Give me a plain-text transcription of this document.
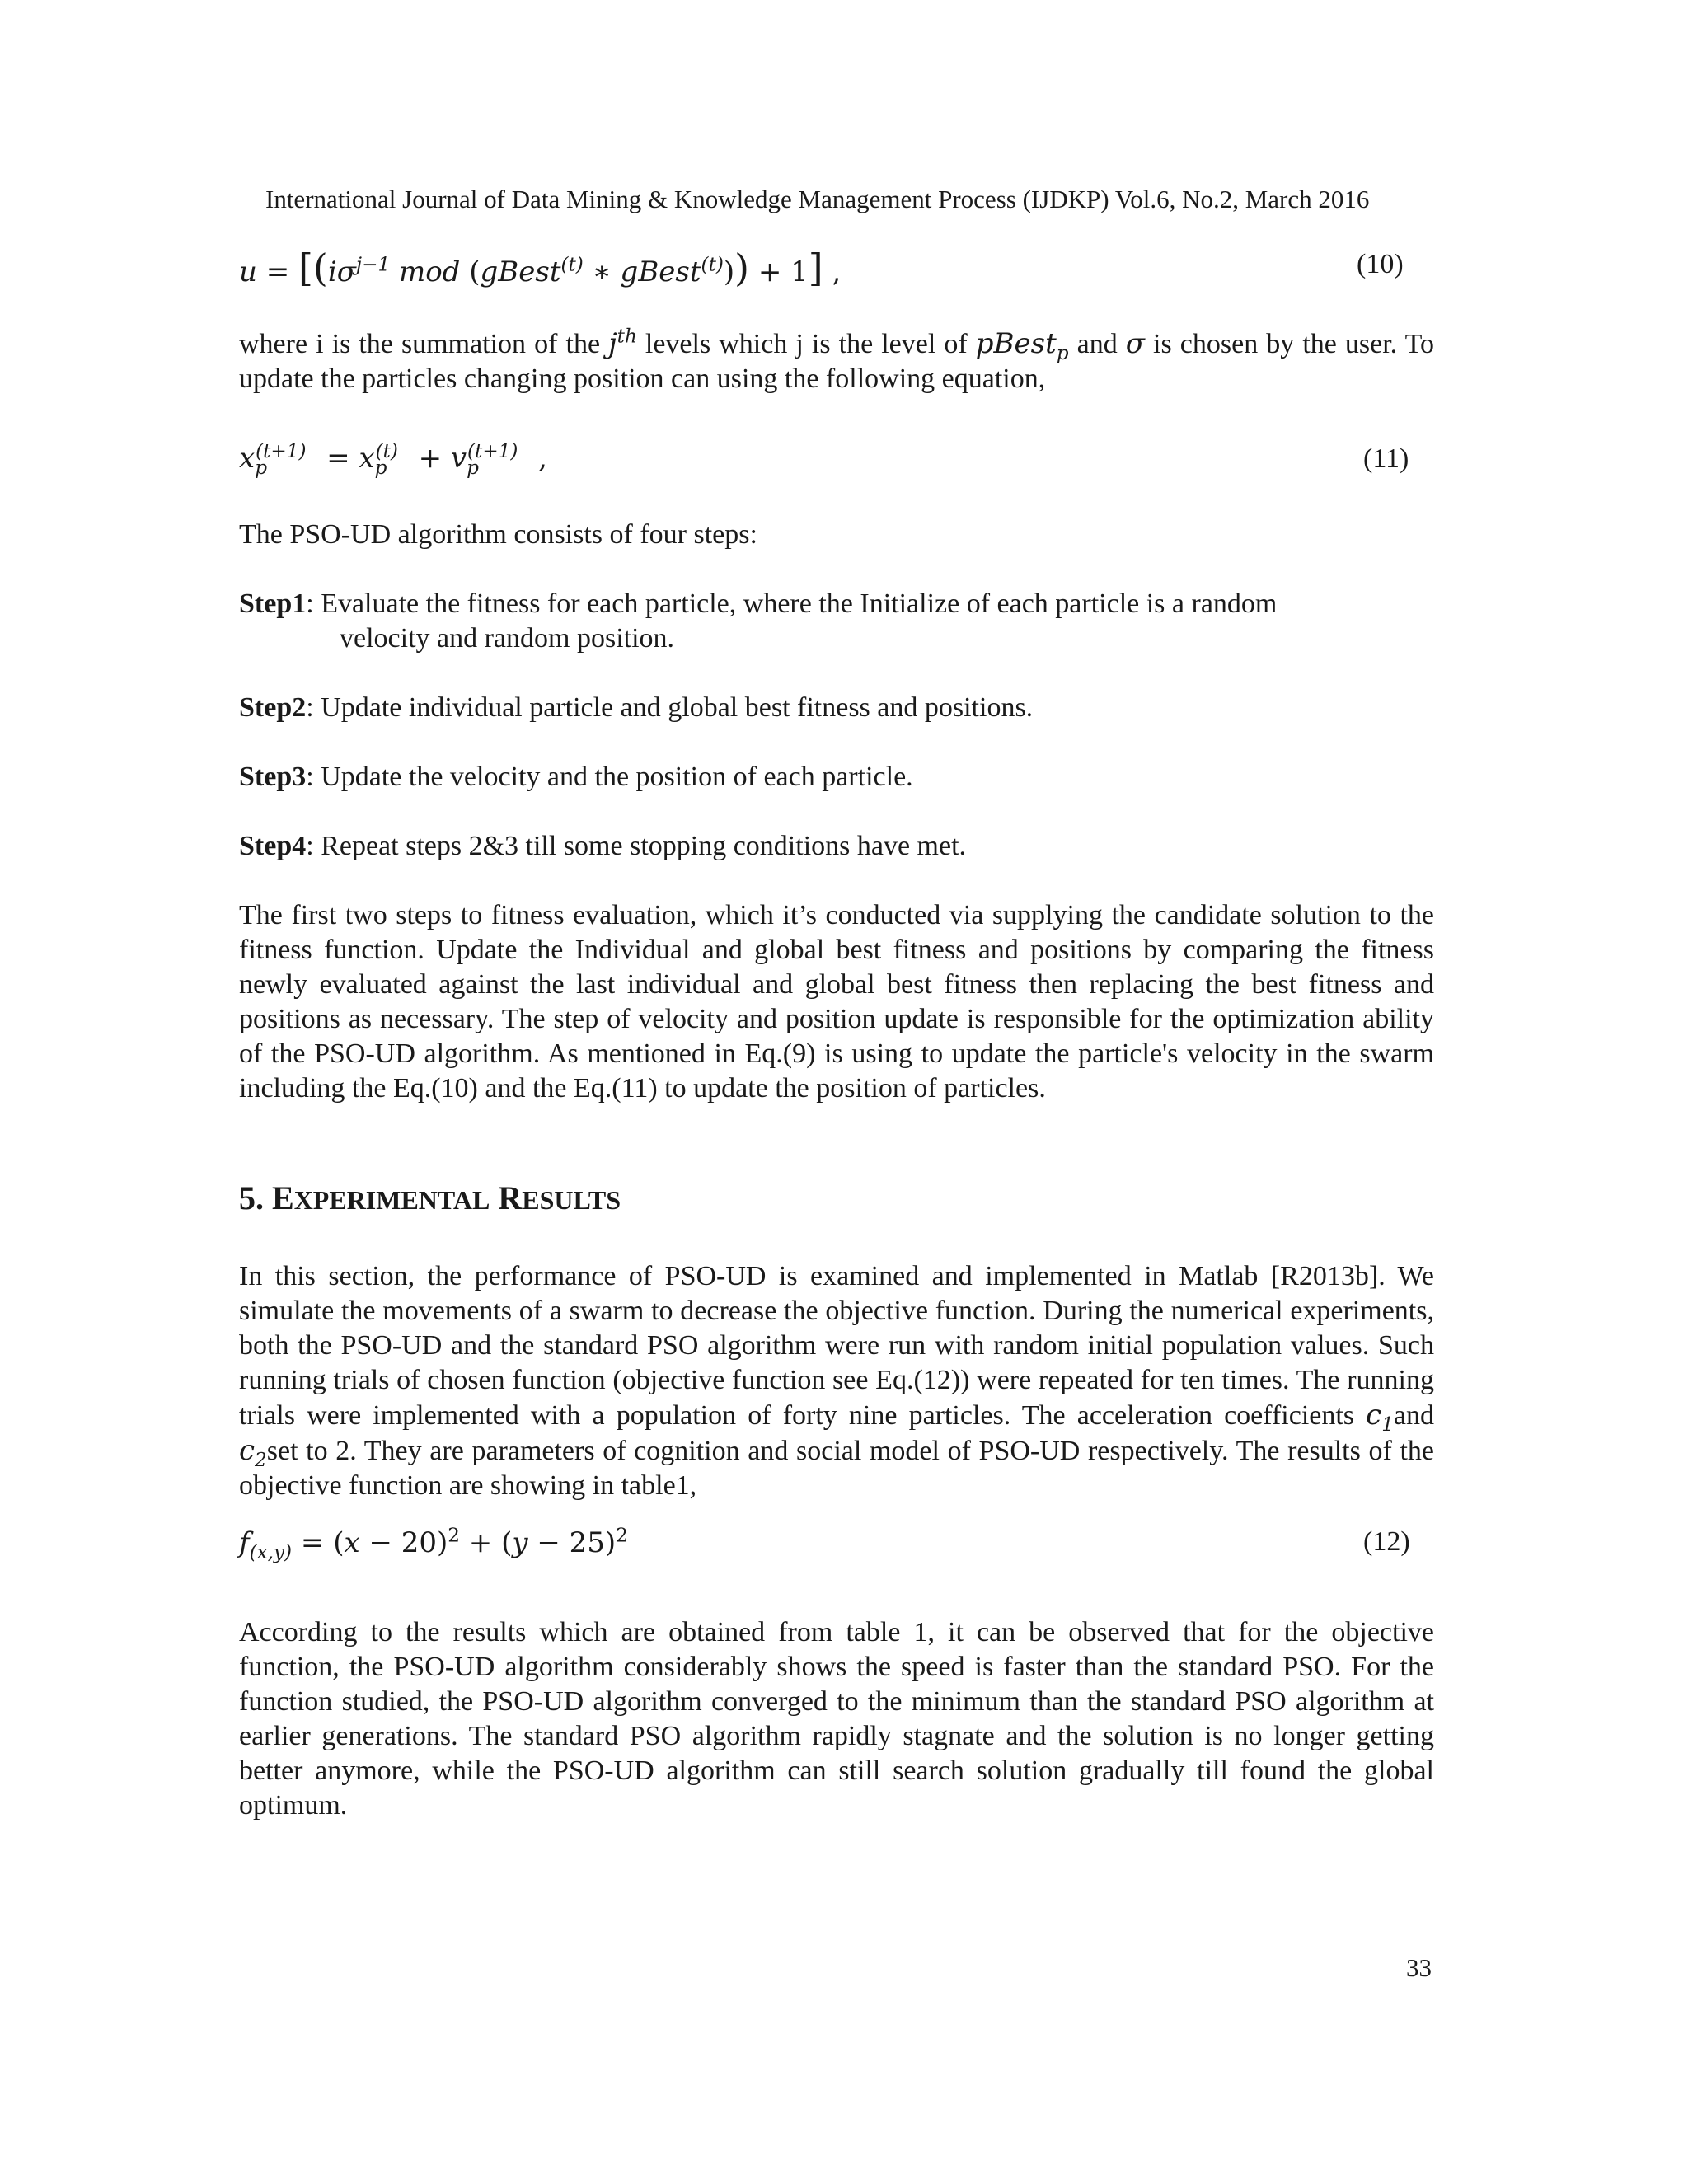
International Journal of Data Mining & Knowledge Management Process (IJDKP) Vol.6, No.2, March 2016
$u = [(i\sigma^{j-1}$ mod (gBest$^{(t)}$ ∗ gBest$^{(t)}$)) + 1] ,	(10)
where i is the summation of the $j^{th}$ levels which j is the level of pBest$_p$ and σ is chosen by the user. To update the particles changing position can using the following equation,
$x_p^{(t+1)} = x_p^{(t)} + v_p^{(t+1)}$ ,	(11)
The PSO-UD algorithm consists of four steps:
Step1: Evaluate the fitness for each particle, where the Initialize of each particle is a random
velocity and random position.
Step2: Update individual particle and global best fitness and positions.
Step3: Update the velocity and the position of each particle.
Step4: Repeat steps 2&3 till some stopping conditions have met.
The first two steps to fitness evaluation, which it’s conducted via supplying the candidate solution to the fitness function. Update the Individual and global best fitness and positions by comparing the fitness newly evaluated against the last individual and global best fitness then replacing the best fitness and positions as necessary. The step of velocity and position update is responsible for the optimization ability of the PSO-UD algorithm. As mentioned in Eq.(9) is using to update the particle's velocity in the swarm including the Eq.(10) and the Eq.(11) to update the position of particles.
5. EXPERIMENTAL RESULTS
In this section, the performance of PSO-UD is examined and implemented in Matlab [R2013b]. We simulate the movements of a swarm to decrease the objective function. During the numerical experiments, both the PSO-UD and the standard PSO algorithm were run with random initial population values. Such running trials of chosen function (objective function see Eq.(12)) were repeated for ten times. The running trials were implemented with a population of forty nine particles. The acceleration coefficients $c_1and$ $c_2set$ to 2. They are parameters of cognition and social model of PSO-UD respectively. The results of the objective function are showing in table1,
$f_{(x,y)} = (x - 20)^2 + (y - 25)^2$	(12)
According to the results which are obtained from table 1, it can be observed that for the objective function, the PSO-UD algorithm considerably shows the speed is faster than the standard PSO. For the function studied, the PSO-UD algorithm converged to the minimum than the standard PSO algorithm at earlier generations. The standard PSO algorithm rapidly stagnate and the solution is no longer getting better anymore, while the PSO-UD algorithm can still search solution gradually till found the global optimum.
33
